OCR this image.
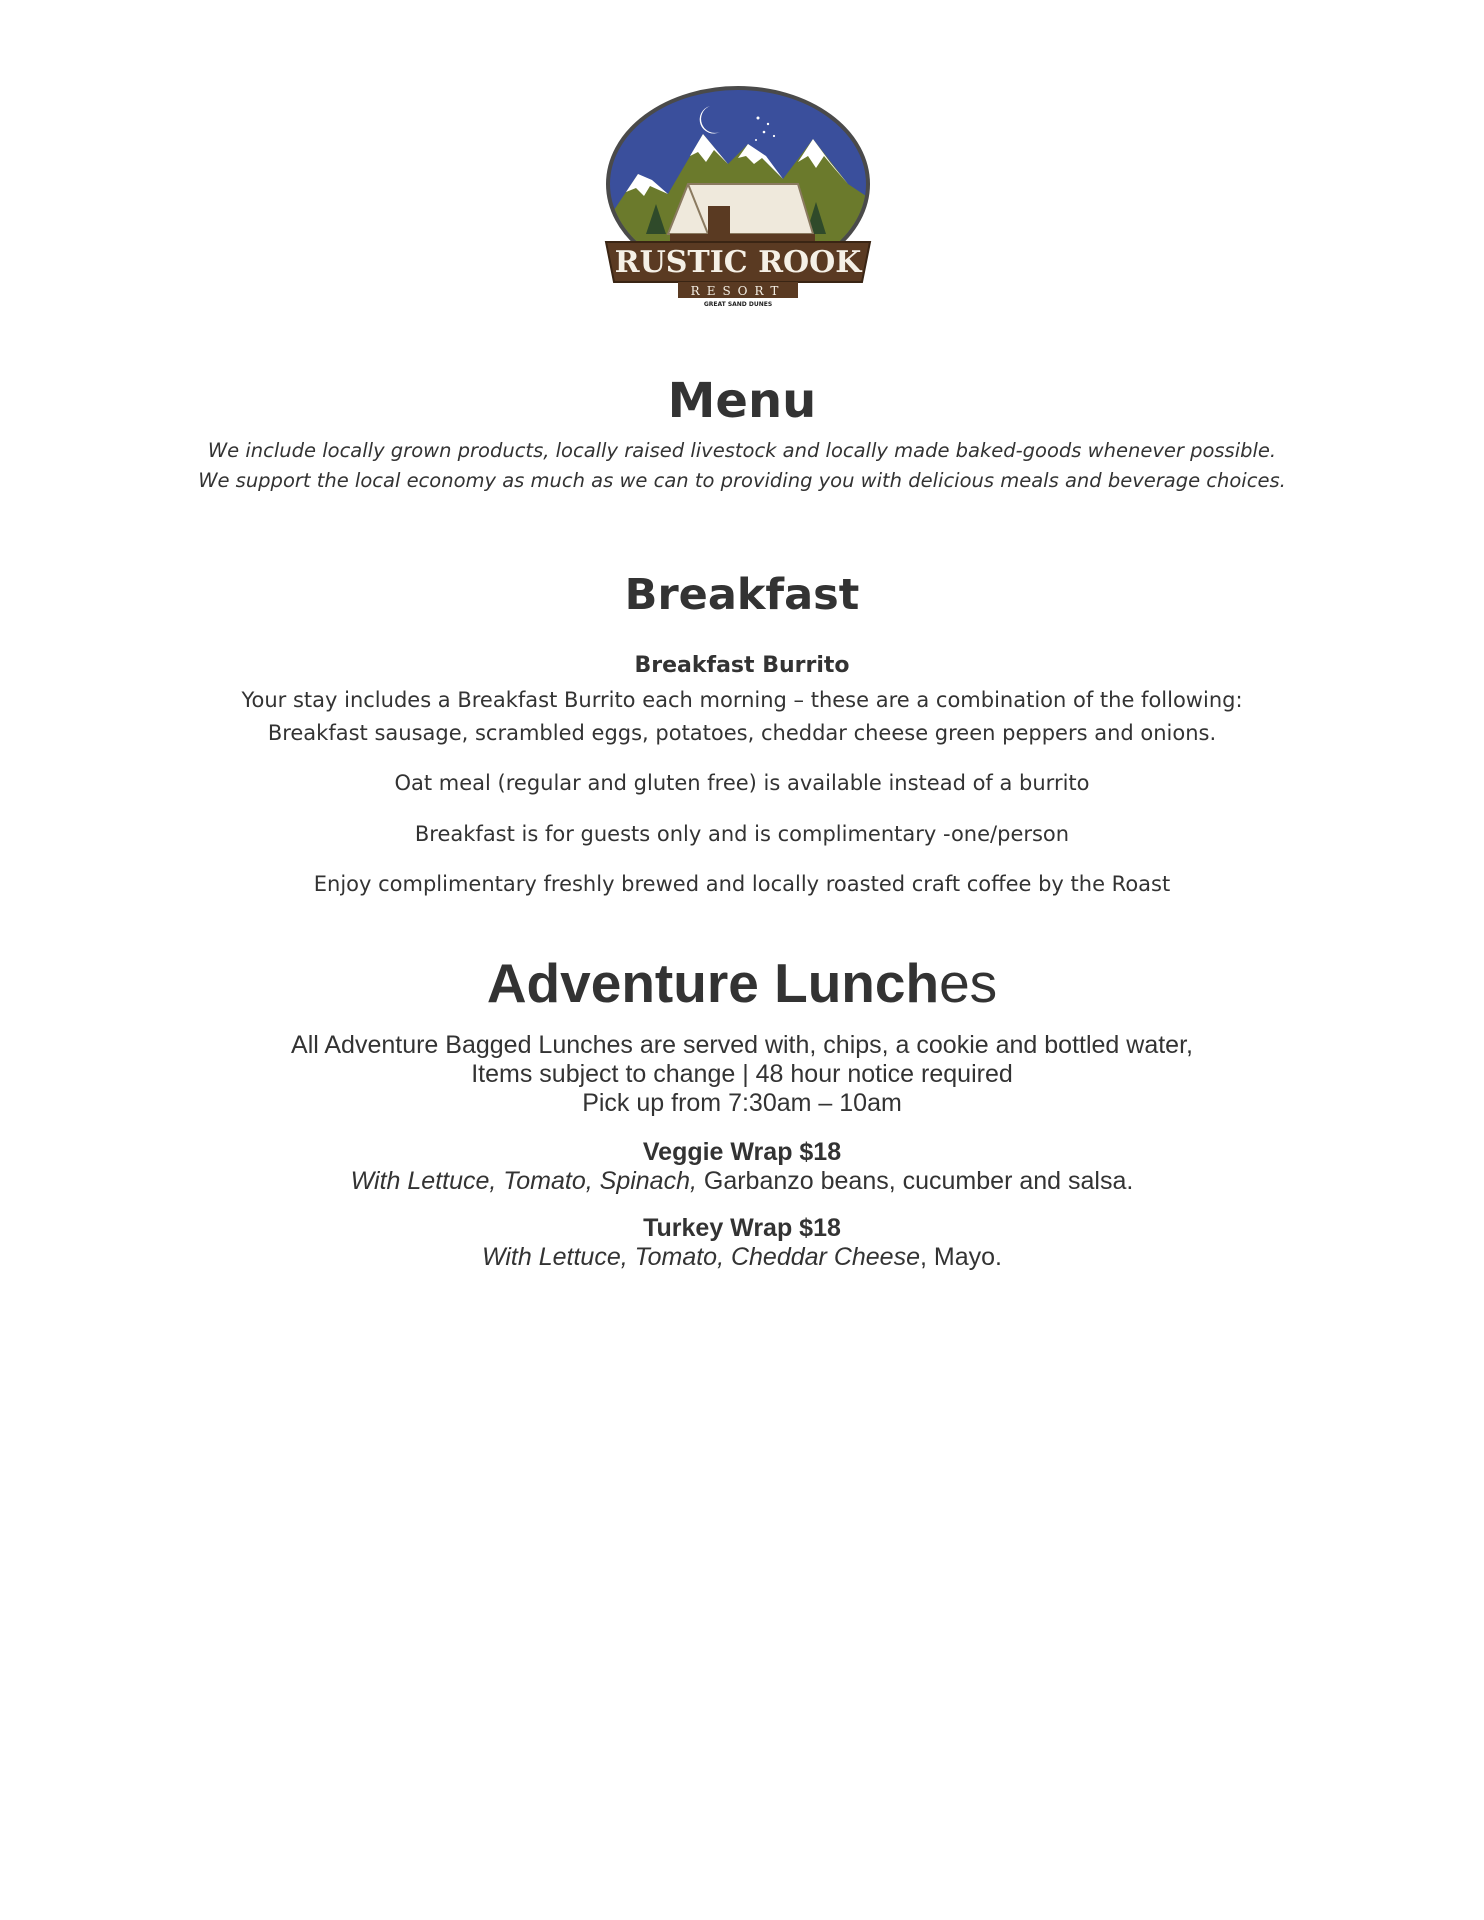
RUSTIC ROOK
RESORT
GREAT SAND DUNES
Menu
We include locally grown products, locally raised livestock and locally made baked-goods whenever possible.
We support the local economy as much as we can to providing you with delicious meals and beverage choices.
Breakfast
Breakfast Burrito
Your stay includes a Breakfast Burrito each morning – these are a combination of the following:
Breakfast sausage, scrambled eggs, potatoes, cheddar cheese green peppers and onions.
Oat meal (regular and gluten free) is available instead of a burrito
Breakfast is for guests only and is complimentary -one/person
Enjoy complimentary freshly brewed and locally roasted craft coffee by the Roast
Adventure Lunches
All Adventure Bagged Lunches are served with, chips, a cookie and bottled water,
Items subject to change | 48 hour notice required
Pick up from 7:30am – 10am
Veggie Wrap $18
With Lettuce, Tomato, Spinach, Garbanzo beans, cucumber and salsa.
Turkey Wrap $18
With Lettuce, Tomato, Cheddar Cheese, Mayo.
